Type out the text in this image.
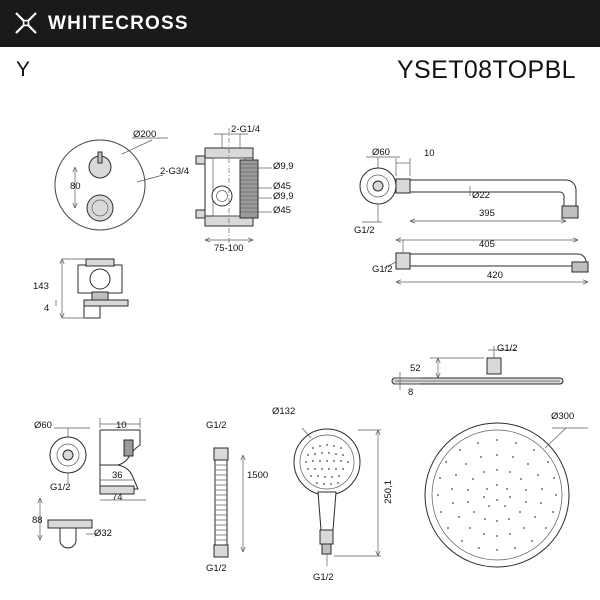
WHITECROSS
Y	YSET08TOPBL
Ø200
80
2-G3/4
2-G1/4
Ø9,9
Ø45
Ø9,9
Ø45
75-100
143
4
Ø60	10
Ø22
395
405
G1/2
G1/2
420
G1/2
52
8
Ø300
Ø60	10
G1/2
36
74
88
Ø32
G1/2
1500
G1/2
Ø132
250,1
G1/2
